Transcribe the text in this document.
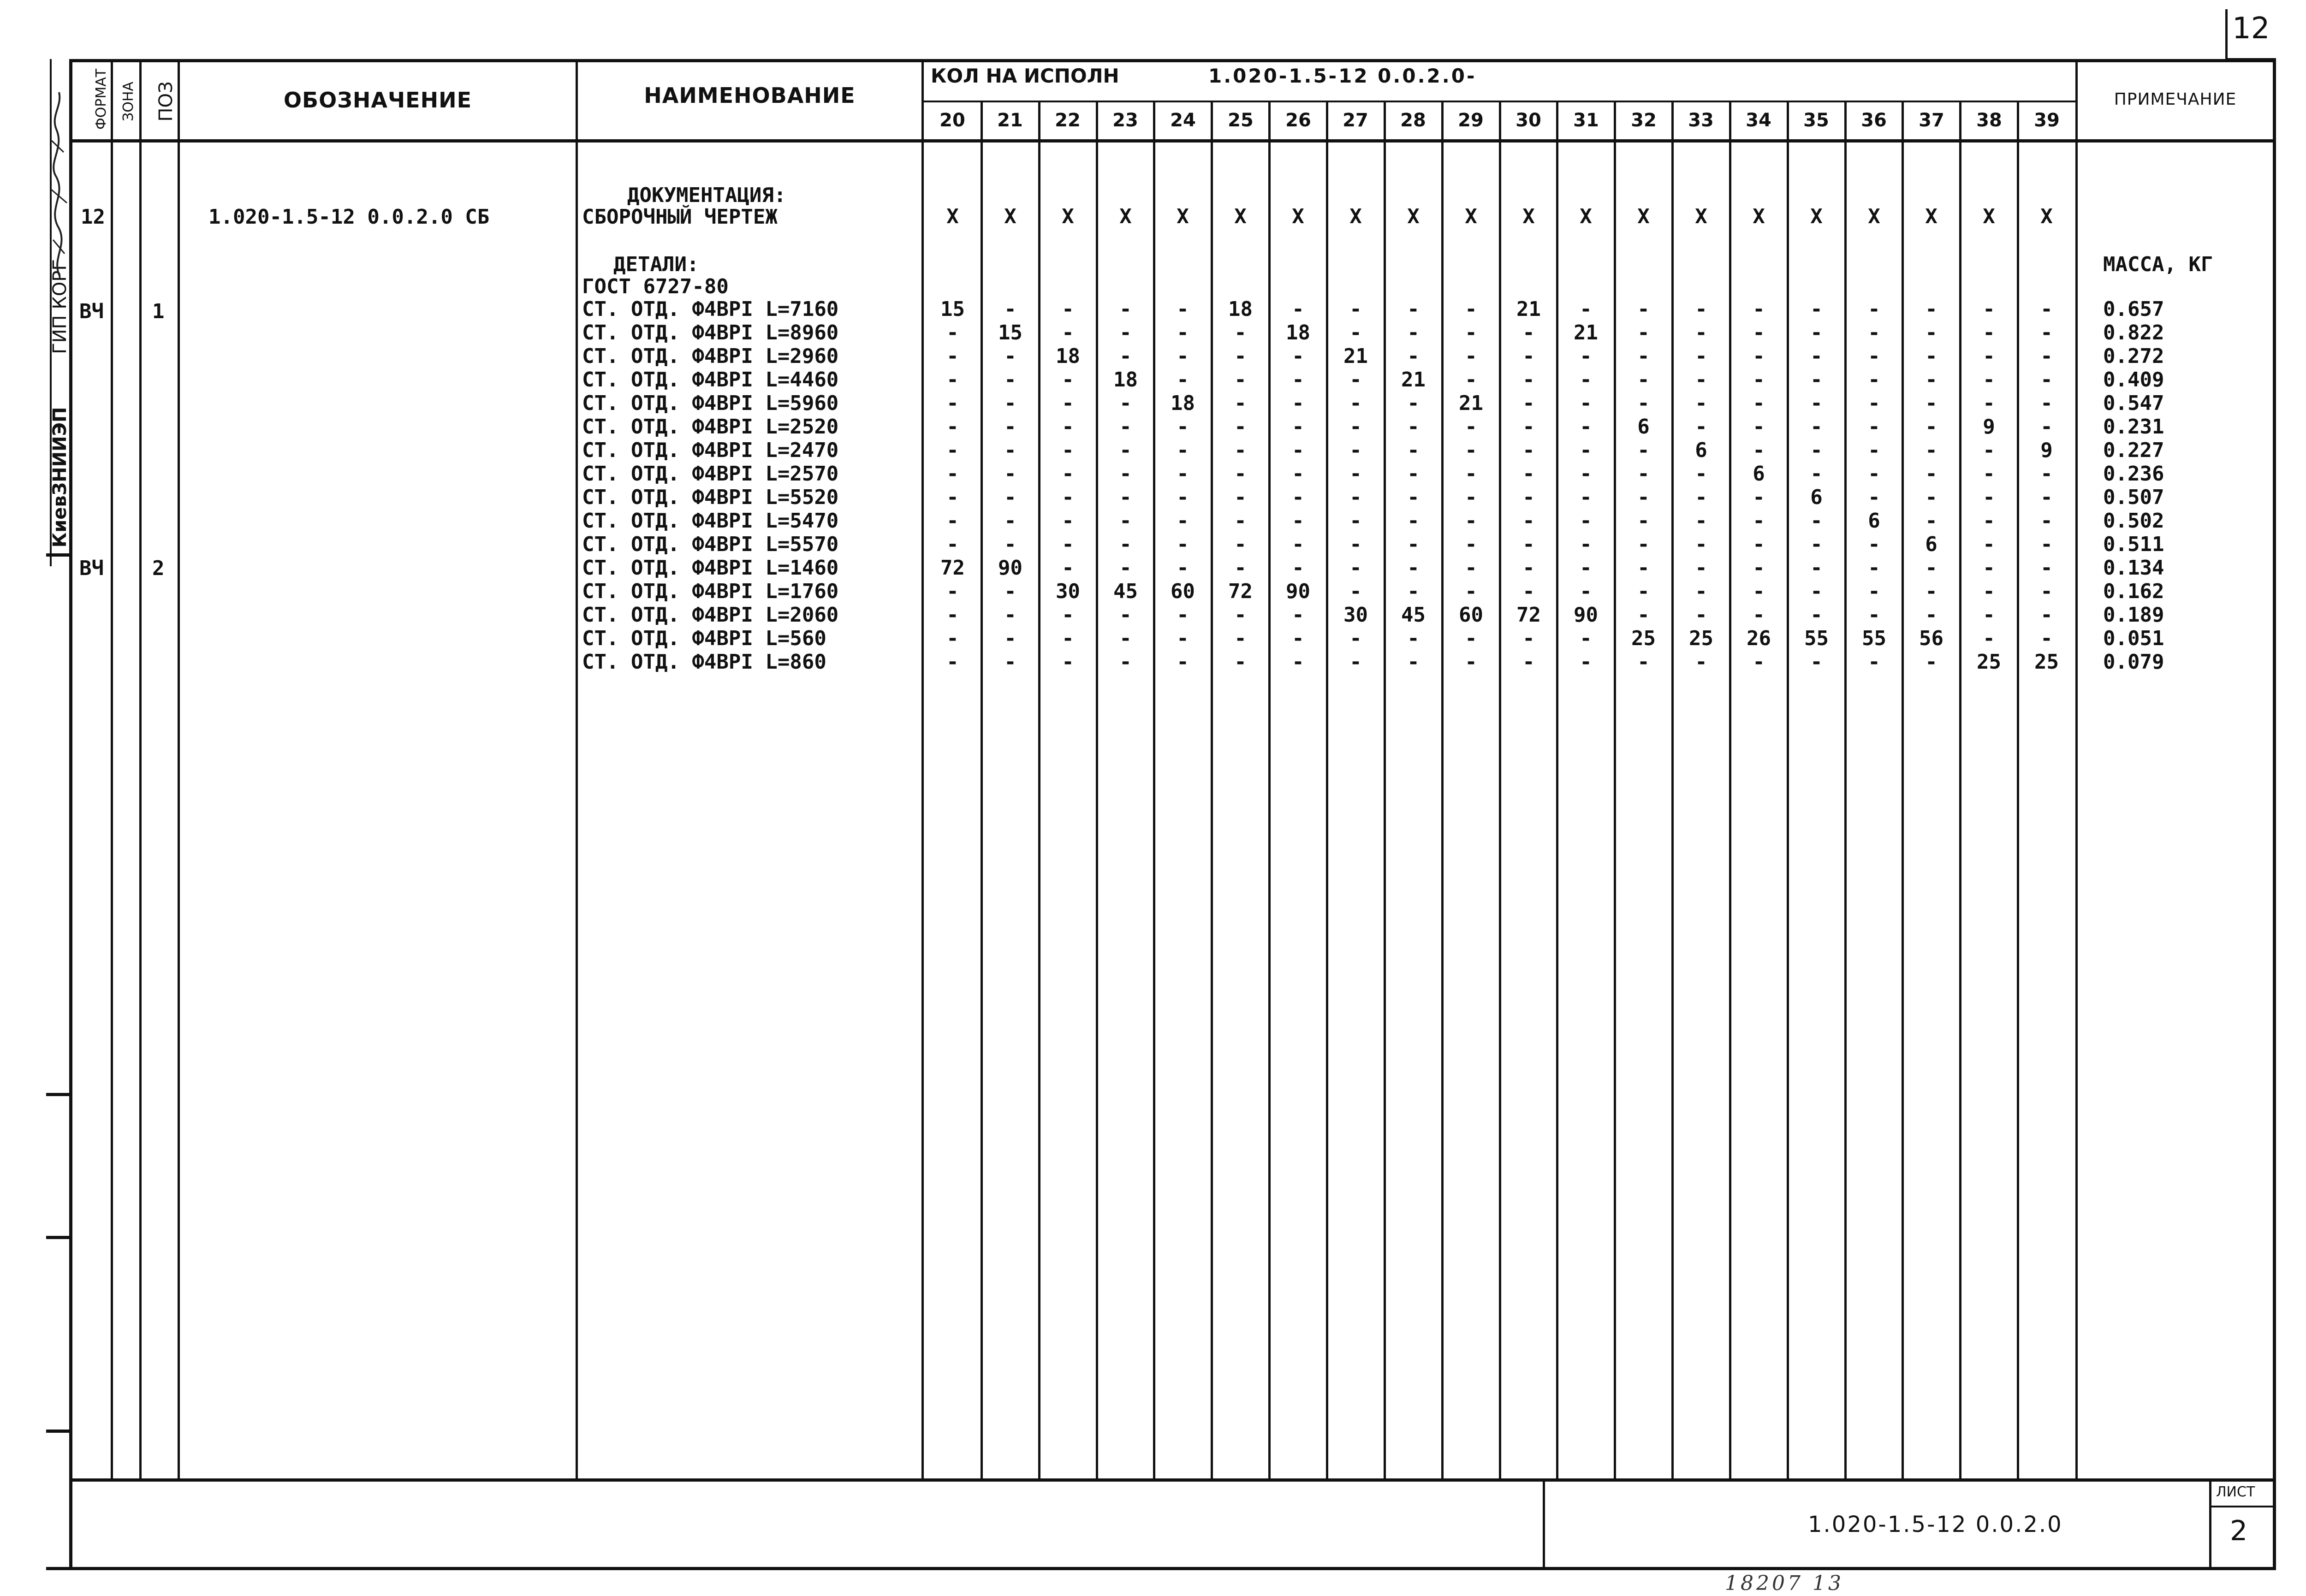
КиевЗНИИЭП
ГИП КОРГ
ФОРМАТ ЗОНА ПОЗ	ОБОЗНАЧЕНИЕ	НАИМЕНОВАНИЕ
КОЛ НА ИСПОЛН	1.020-1.5-12 0.0.2.0-
ПРИМЕЧАНИЕ
20	21	22	23	24	25	26	27	28	29	30	31	32	33	34	35	36	37	38	39
12
12	1.020-1.5-12 0.0.2.0 СБ
ДОКУМЕНТАЦИЯ:
СБОРОЧНЫЙ ЧЕРТЕЖ	X	X	X	X	X	X	X	X	X	X	X	X	X	X	X	X	X	X	X	X
ДЕТАЛИ:
ГОСТ 6727-80
МАССА, КГ
ВЧ 1
ВЧ 2
СТ. ОТД. Ф4ВРI L=7160	15	-	-	-	-	18	-	-	-	-	21	-	-	-	-	-	-	-	-	-	0.657
СТ. ОТД. Ф4ВРI L=8960	-	15	-	-	-	-	18	-	-	-	-	21	-	-	-	-	-	-	-	-	0.822
СТ. ОТД. Ф4ВРI L=2960	-	-	18	-	-	-	-	21	-	-	-	-	-	-	-	-	-	-	-	-	0.272
СТ. ОТД. Ф4ВРI L=4460	-	-	-	18	-	-	-	-	21	-	-	-	-	-	-	-	-	-	-	-	0.409
СТ. ОТД. Ф4ВРI L=5960	-	-	-	-	18	-	-	-	-	21	-	-	-	-	-	-	-	-	-	-	0.547
СТ. ОТД. Ф4ВРI L=2520	-	-	-	-	-	-	-	-	-	-	-	-	6	-	-	-	-	-	9	-	0.231
СТ. ОТД. Ф4ВРI L=2470	-	-	-	-	-	-	-	-	-	-	-	-	-	6	-	-	-	-	-	9	0.227
СТ. ОТД. Ф4ВРI L=2570	-	-	-	-	-	-	-	-	-	-	-	-	-	-	6	-	-	-	-	-	0.236
СТ. ОТД. Ф4ВРI L=5520	-	-	-	-	-	-	-	-	-	-	-	-	-	-	-	6	-	-	-	-	0.507
СТ. ОТД. Ф4ВРI L=5470	-	-	-	-	-	-	-	-	-	-	-	-	-	-	-	-	6	-	-	-	0.502
СТ. ОТД. Ф4ВРI L=5570	-	-	-	-	-	-	-	-	-	-	-	-	-	-	-	-	-	6	-	-	0.511
СТ. ОТД. Ф4ВРI L=1460	72	90	-	-	-	-	-	-	-	-	-	-	-	-	-	-	-	-	-	-	0.134
СТ. ОТД. Ф4ВРI L=1760	-	-	30	45	60	72	90	-	-	-	-	-	-	-	-	-	-	-	-	-	0.162
СТ. ОТД. Ф4ВРI L=2060	-	-	-	-	-	-	-	30	45	60	72	90	-	-	-	-	-	-	-	-	0.189
СТ. ОТД. Ф4ВРI L=560	-	-	-	-	-	-	-	-	-	-	-	-	25	25	26	55	55	56	-	-	0.051
СТ. ОТД. Ф4ВРI L=860	-	-	-	-	-	-	-	-	-	-	-	-	-	-	-	-	-	-	25	25	0.079
1.020-1.5-12 0.0.2.0
ЛИСТ
2
18207 13
